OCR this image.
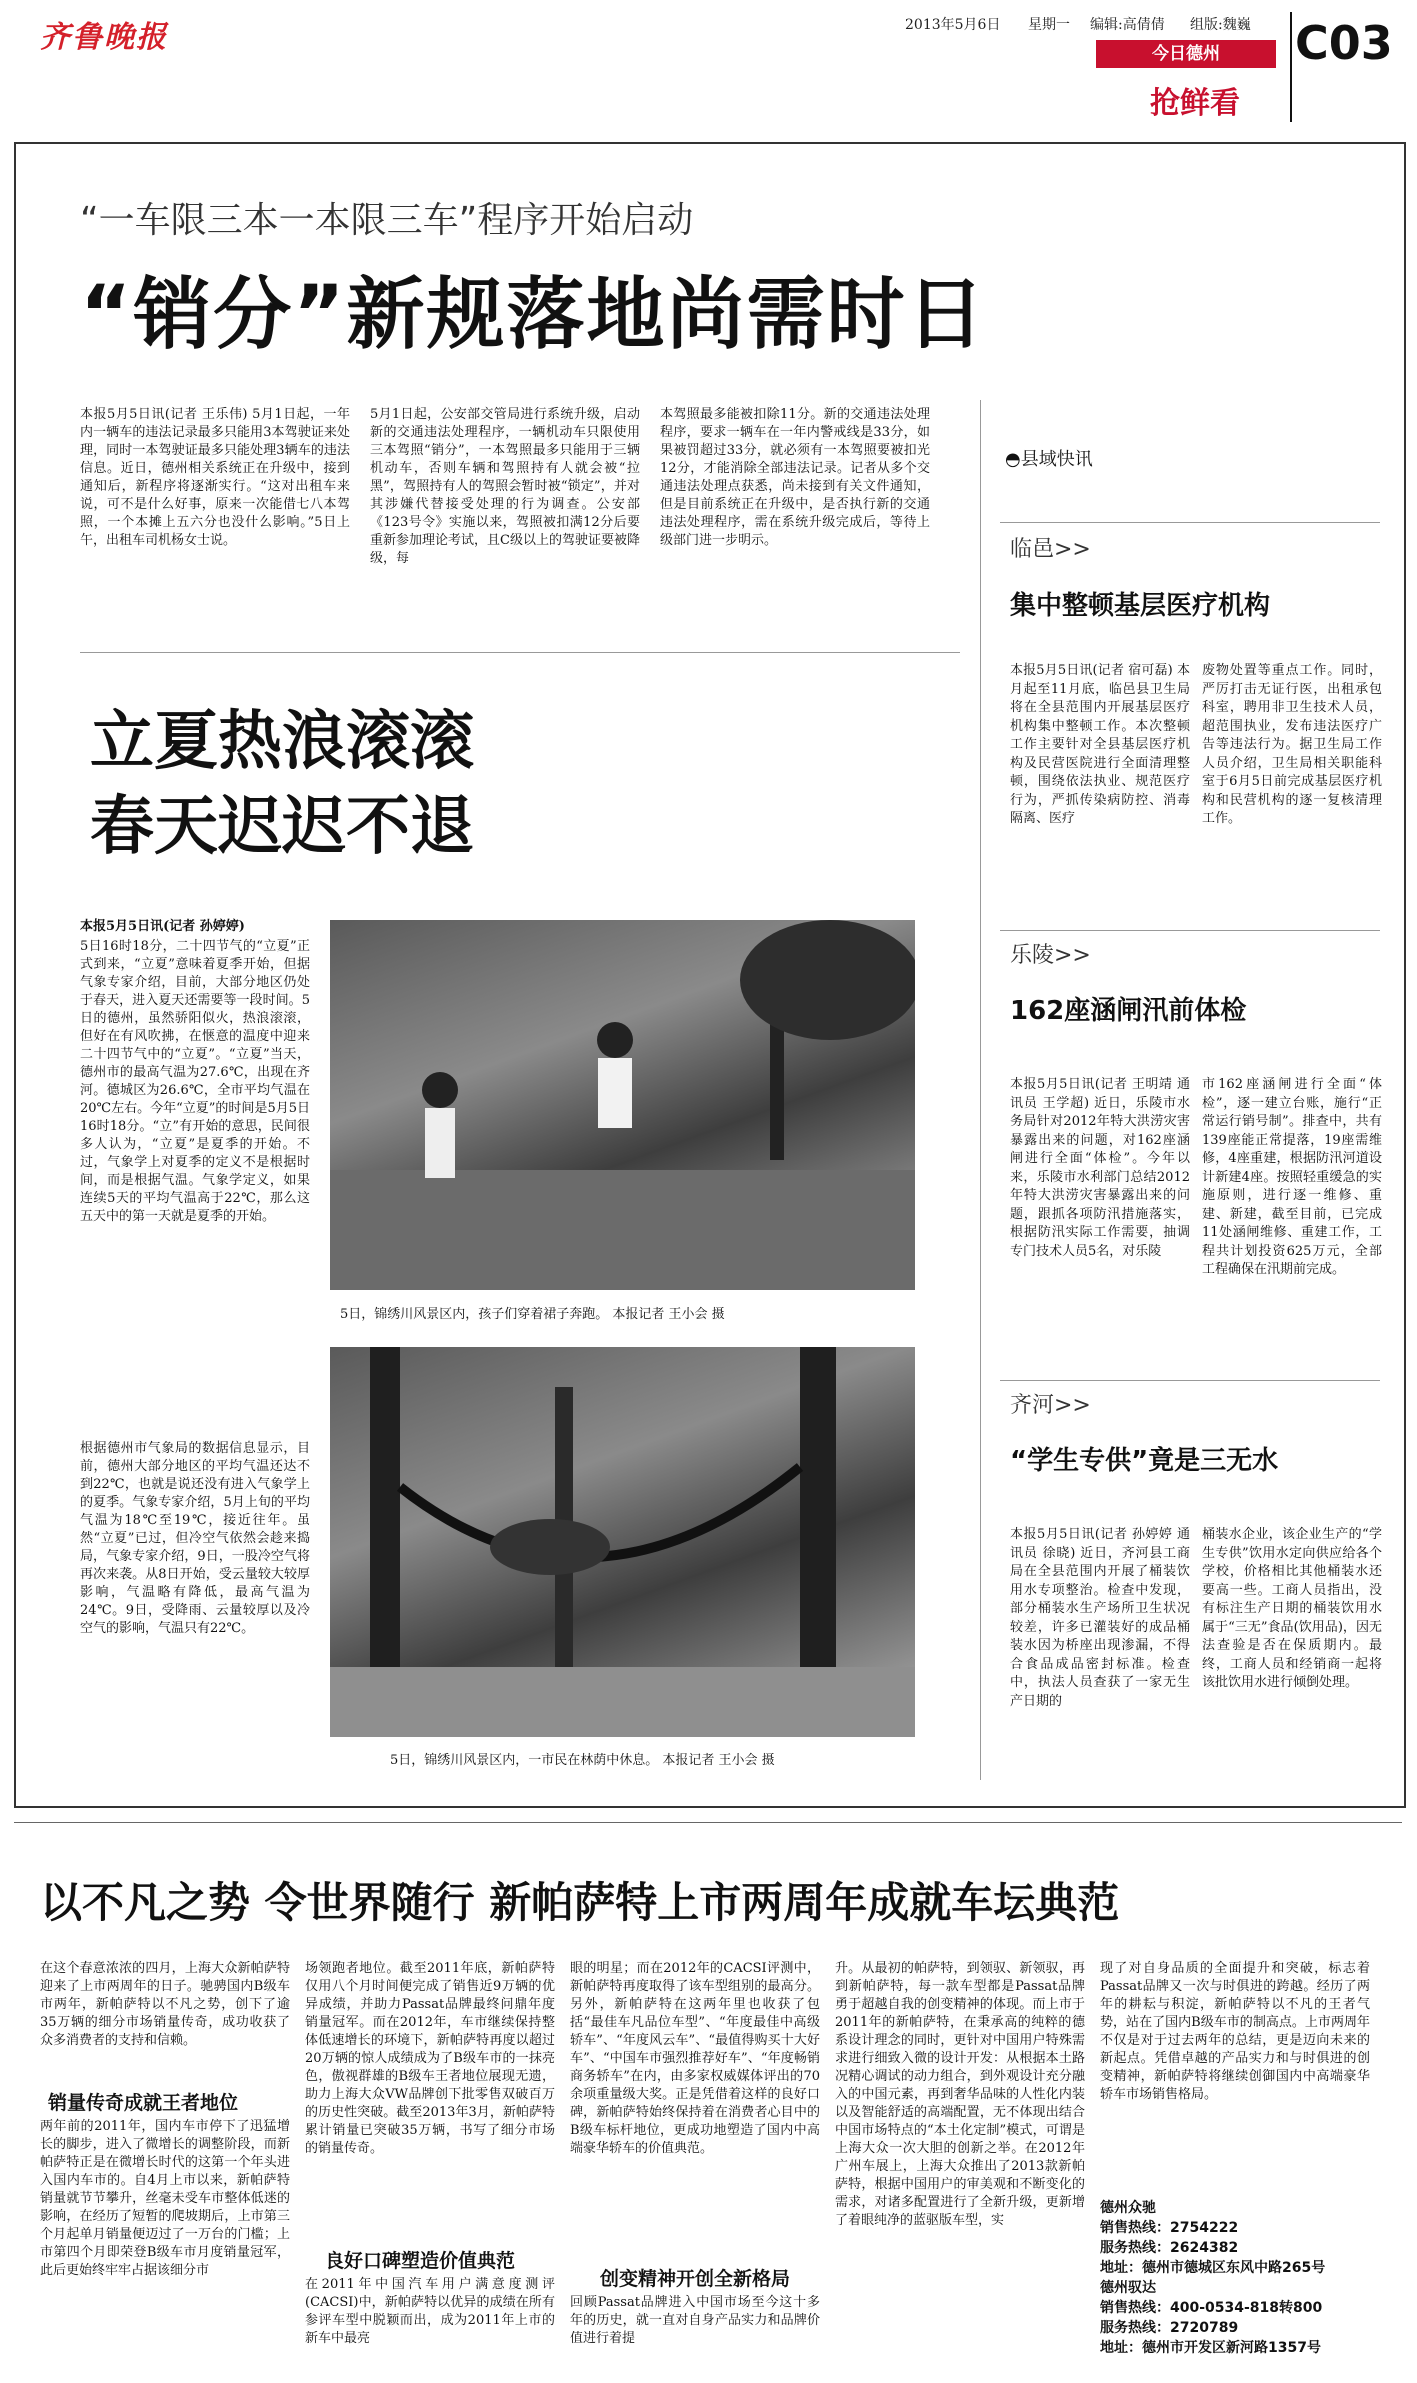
齐鲁晚报	2013年5月6日 星期一 编辑:高倩倩 组版:魏巍
今日德州
抢鲜看
C03
“一车限三本一本限三车”程序开始启动
“销分”新规落地尚需时日
本报5月5日讯(记者 王乐伟) 5月1日起，一年内一辆车的违法记录最多只能用3本驾驶证来处理，同时一本驾驶证最多只能处理3辆车的违法信息。近日，德州相关系统正在升级中，接到通知后，新程序将逐渐实行。“这对出租车来说，可不是什么好事，原来一次能借七八本驾照，一个本摊上五六分也没什么影响。”5日上午，出租车司机杨女士说。
5月1日起，公安部交管局进行系统升级，启动新的交通违法处理程序，一辆机动车只限使用三本驾照“销分”，一本驾照最多只能用于三辆机动车，否则车辆和驾照持有人就会被“拉黑”，驾照持有人的驾照会暂时被“锁定”，并对其涉嫌代替接受处理的行为调查。公安部《123号令》实施以来，驾照被扣满12分后要重新参加理论考试，且C级以上的驾驶证要被降级，每
本驾照最多能被扣除11分。新的交通违法处理程序，要求一辆车在一年内警戒线是33分，如果被罚超过33分，就必须有一本驾照要被扣光12分，才能消除全部违法记录。记者从多个交通违法处理点获悉，尚未接到有关文件通知，但是目前系统正在升级中，是否执行新的交通违法处理程序，需在系统升级完成后，等待上级部门进一步明示。
立夏热浪滚滚
春天迟迟不退
本报5月5日讯(记者 孙婷婷)
5日16时18分，二十四节气的“立夏”正式到来，“立夏”意味着夏季开始，但据气象专家介绍，目前，大部分地区仍处于春天，进入夏天还需要等一段时间。5日的德州，虽然骄阳似火，热浪滚滚，但好在有风吹拂，在惬意的温度中迎来二十四节气中的“立夏”。“立夏”当天，德州市的最高气温为27.6℃，出现在齐河。德城区为26.6℃，全市平均气温在20℃左右。今年“立夏”的时间是5月5日16时18分。“立”有开始的意思，民间很多人认为，“立夏”是夏季的开始。不过，气象学上对夏季的定义不是根据时间，而是根据气温。气象学定义，如果连续5天的平均气温高于22℃，那么这五天中的第一天就是夏季的开始。
根据德州市气象局的数据信息显示，目前，德州大部分地区的平均气温还达不到22℃，也就是说还没有进入气象学上的夏季。气象专家介绍，5月上旬的平均气温为18℃至19℃，接近往年。虽然“立夏”已过，但冷空气依然会趁来捣局，气象专家介绍，9日，一股冷空气将再次来袭。从8日开始，受云量较大较厚影响，气温略有降低，最高气温为24℃。9日，受降雨、云量较厚以及冷空气的影响，气温只有22℃。
5日，锦绣川风景区内，孩子们穿着裙子奔跑。 本报记者 王小会 摄
5日，锦绣川风景区内，一市民在林荫中休息。 本报记者 王小会 摄
◓县域快讯
临邑>>
集中整顿基层医疗机构
本报5月5日讯(记者 宿可磊) 本月起至11月底，临邑县卫生局将在全县范围内开展基层医疗机构集中整顿工作。本次整顿工作主要针对全县基层医疗机构及民营医院进行全面清理整顿，围绕依法执业、规范医疗行为，严抓传染病防控、消毒隔离、医疗
废物处置等重点工作。同时，严厉打击无证行医，出租承包科室，聘用非卫生技术人员，超范围执业，发布违法医疗广告等违法行为。据卫生局工作人员介绍，卫生局相关职能科室于6月5日前完成基层医疗机构和民营机构的逐一复核清理工作。
乐陵>>
162座涵闸汛前体检
本报5月5日讯(记者 王明靖 通讯员 王学超) 近日，乐陵市水务局针对2012年特大洪涝灾害暴露出来的问题，对162座涵闸进行全面“体检”。今年以来，乐陵市水利部门总结2012年特大洪涝灾害暴露出来的问题，跟抓各项防汛措施落实，根据防汛实际工作需要，抽调专门技术人员5名，对乐陵
市162座涵闸进行全面“体检”，逐一建立台账，施行“正常运行销号制”。排查中，共有139座能正常提落，19座需维修，4座重建，根据防汛河道设计新建4座。按照轻重缓急的实施原则，进行逐一维修、重建、新建，截至目前，已完成11处涵闸维修、重建工作，工程共计划投资625万元，全部工程确保在汛期前完成。
齐河>>
“学生专供”竟是三无水
本报5月5日讯(记者 孙婷婷 通讯员 徐晓) 近日，齐河县工商局在全县范围内开展了桶装饮用水专项整治。检查中发现，部分桶装水生产场所卫生状况较差，许多已灌装好的成品桶装水因为桥座出现渗漏，不得合食品成品密封标准。检查中，执法人员查获了一家无生产日期的
桶装水企业，该企业生产的“学生专供”饮用水定向供应给各个学校，价格相比其他桶装水还要高一些。工商人员指出，没有标注生产日期的桶装饮用水属于“三无”食品(饮用品)，因无法查验是否在保质期内。最终，工商人员和经销商一起将该批饮用水进行倾倒处理。
以不凡之势 令世界随行 新帕萨特上市两周年成就车坛典范
在这个春意浓浓的四月，上海大众新帕萨特迎来了上市两周年的日子。驰骋国内B级车市两年，新帕萨特以不凡之势，创下了逾35万辆的细分市场销量传奇，成功收获了众多消费者的支持和信赖。
销量传奇成就王者地位
两年前的2011年，国内车市停下了迅猛增长的脚步，进入了微增长的调整阶段，而新帕萨特正是在微增长时代的这第一个年头进入国内车市的。自4月上市以来，新帕萨特销量就节节攀升，丝毫未受车市整体低迷的影响，在经历了短暂的爬坡期后，上市第三个月起单月销量便迈过了一万台的门槛；上市第四个月即荣登B级车市月度销量冠军，此后更始终牢牢占据该细分市
场领跑者地位。截至2011年底，新帕萨特仅用八个月时间便完成了销售近9万辆的优异成绩，并助力Passat品牌最终问鼎年度销量冠军。而在2012年，车市继续保持整体低速增长的环境下，新帕萨特再度以超过20万辆的惊人成绩成为了B级车市的一抹亮色，傲视群雄的B级车王者地位展现无遗，助力上海大众VW品牌创下批零售双破百万的历史性突破。截至2013年3月，新帕萨特累计销量已突破35万辆，书写了细分市场的销量传奇。
良好口碑塑造价值典范
在2011年中国汽车用户满意度测评(CACSI)中，新帕萨特以优异的成绩在所有参评车型中脱颖而出，成为2011年上市的新车中最亮
眼的明星；而在2012年的CACSI评测中，新帕萨特再度取得了该车型组别的最高分。另外，新帕萨特在这两年里也收获了包括“最佳车凡品位车型”、“年度最佳中高级轿车”、“年度风云车”、“最值得购买十大好车”、“中国车市强烈推荐好车”、“年度畅销商务轿车”在内，由多家权威媒体评出的70余项重量级大奖。正是凭借着这样的良好口碑，新帕萨特始终保持着在消费者心目中的B级车标杆地位，更成功地塑造了国内中高端豪华轿车的价值典范。
创变精神开创全新格局
回顾Passat品牌进入中国市场至今这十多年的历史，就一直对自身产品实力和品牌价值进行着提
升。从最初的帕萨特，到领驭、新领驭，再到新帕萨特，每一款车型都是Passat品牌勇于超越自我的创变精神的体现。而上市于2011年的新帕萨特，在秉承高的纯粹的德系设计理念的同时，更针对中国用户特殊需求进行细致入微的设计开发：从根据本土路况精心调试的动力组合，到外观设计充分融入的中国元素，再到奢华品味的人性化内装以及智能舒适的高端配置，无不体现出结合中国市场特点的“本土化定制”模式，可谓是上海大众一次大胆的创新之举。在2012年广州车展上，上海大众推出了2013款新帕萨特，根据中国用户的审美观和不断变化的需求，对诸多配置进行了全新升级，更新增了着眼纯净的蓝驱版车型，实
现了对自身品质的全面提升和突破，标志着Passat品牌又一次与时俱进的跨越。经历了两年的耕耘与积淀，新帕萨特以不凡的王者气势，站在了国内B级车市的制高点。上市两周年不仅是对于过去两年的总结，更是迈向未来的新起点。凭借卓越的产品实力和与时俱进的创变精神，新帕萨特将继续创御国内中高端豪华轿车市场销售格局。
德州众驰
销售热线：2754222
服务热线：2624382
地址：德州市德城区东风中路265号
德州驭达
销售热线：400-0534-818转800
服务热线：2720789
地址：德州市开发区新河路1357号
